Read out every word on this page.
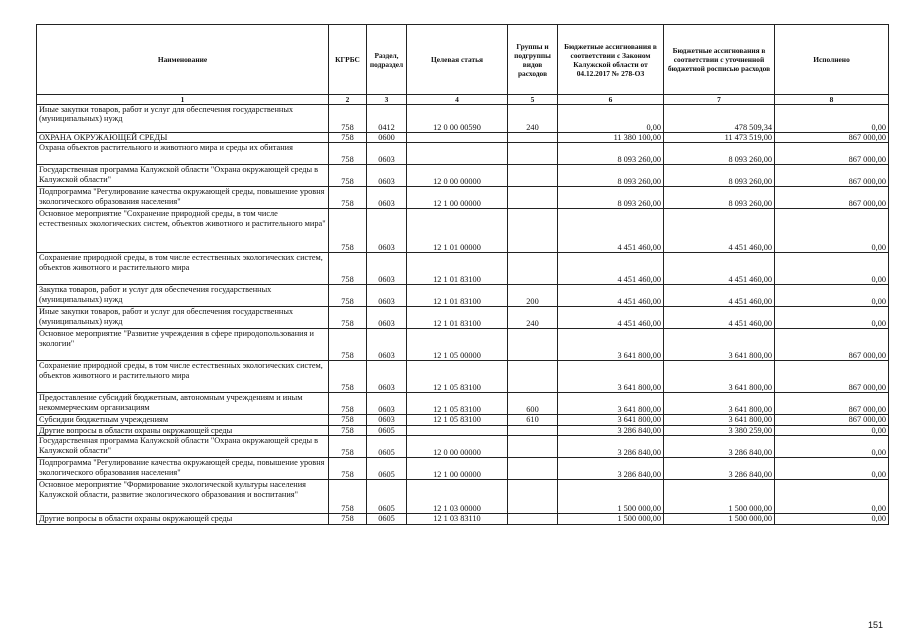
Наименование	КГРБС	Раздел, подраздел	Целевая статья	Группы и подгруппы видов расходов	Бюджетные ассигнования в соответствии с Законом Калужской области от 04.12.2017 № 278-ОЗ	Бюджетные ассигнования в соответствии с уточненной бюджетной росписью расходов	Исполнено
1	2	3	4	5	6	7	8
Иные закупки товаров, работ и услуг для обеспечения государственных (муниципальных) нужд	758	0412	12 0 00 00590	240	0,00	478 509,34	0,00
ОХРАНА ОКРУЖАЮЩЕЙ СРЕДЫ	758	0600			11 380 100,00	11 473 519,00	867 000,00
Охрана объектов растительного и животного мира и среды их обитания	758	0603			8 093 260,00	8 093 260,00	867 000,00
Государственная программа Калужской области "Охрана окружающей среды в Калужской области"	758	0603	12 0 00 00000		8 093 260,00	8 093 260,00	867 000,00
Подпрограмма "Регулирование качества окружающей среды, повышение уровня экологического образования населения"	758	0603	12 1 00 00000		8 093 260,00	8 093 260,00	867 000,00
Основное мероприятие "Сохранение природной среды, в том числе естественных экологических систем, объектов животного и растительного мира"	758	0603	12 1 01 00000		4 451 460,00	4 451 460,00	0,00
Сохранение природной среды, в том числе естественных экологических систем, объектов животного и растительного мира	758	0603	12 1 01 83100		4 451 460,00	4 451 460,00	0,00
Закупка товаров, работ и услуг для обеспечения государственных (муниципальных) нужд	758	0603	12 1 01 83100	200	4 451 460,00	4 451 460,00	0,00
Иные закупки товаров, работ и услуг для обеспечения государственных (муниципальных) нужд	758	0603	12 1 01 83100	240	4 451 460,00	4 451 460,00	0,00
Основное мероприятие "Развитие учреждения в сфере природопользования и экологии"	758	0603	12 1 05 00000		3 641 800,00	3 641 800,00	867 000,00
Сохранение природной среды, в том числе естественных экологических систем, объектов животного и растительного мира	758	0603	12 1 05 83100		3 641 800,00	3 641 800,00	867 000,00
Предоставление субсидий бюджетным, автономным учреждениям и иным некоммерческим организациям	758	0603	12 1 05 83100	600	3 641 800,00	3 641 800,00	867 000,00
Субсидии бюджетным учреждениям	758	0603	12 1 05 83100	610	3 641 800,00	3 641 800,00	867 000,00
Другие вопросы в области охраны окружающей среды	758	0605			3 286 840,00	3 380 259,00	0,00
Государственная программа Калужской области "Охрана окружающей среды в Калужской области"	758	0605	12 0 00 00000		3 286 840,00	3 286 840,00	0,00
Подпрограмма "Регулирование качества окружающей среды, повышение уровня экологического образования населения"	758	0605	12 1 00 00000		3 286 840,00	3 286 840,00	0,00
Основное мероприятие "Формирование экологической культуры населения Калужской области, развитие экологического образования и воспитания"	758	0605	12 1 03 00000		1 500 000,00	1 500 000,00	0,00
Другие вопросы в области охраны окружающей среды	758	0605	12 1 03 83110		1 500 000,00	1 500 000,00	0,00
151
